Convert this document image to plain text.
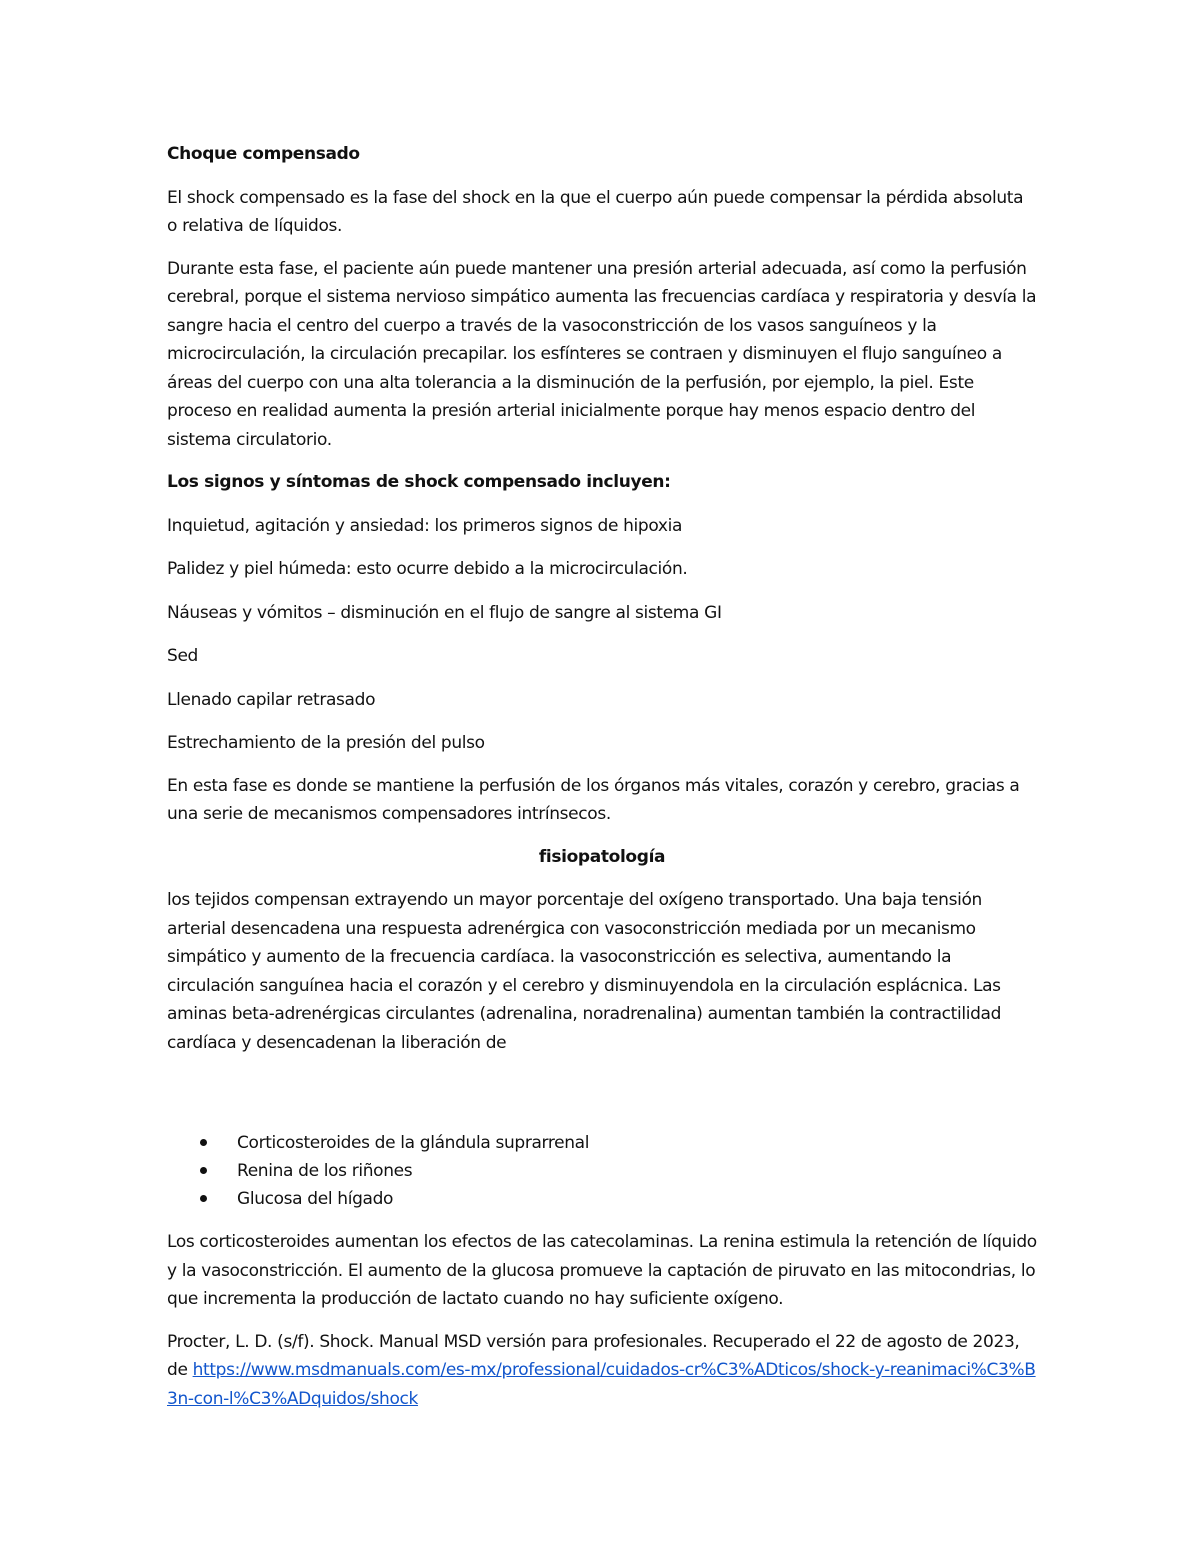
Choque compensado

El shock compensado es la fase del shock en la que el cuerpo aún puede compensar la pérdida absoluta o relativa de líquidos.

Durante esta fase, el paciente aún puede mantener una presión arterial adecuada, así como la perfusión cerebral, porque el sistema nervioso simpático aumenta las frecuencias cardíaca y respiratoria y desvía la sangre hacia el centro del cuerpo a través de la vasoconstricción de los vasos sanguíneos y la microcirculación, la circulación precapilar. los esfínteres se contraen y disminuyen el flujo sanguíneo a áreas del cuerpo con una alta tolerancia a la disminución de la perfusión, por ejemplo, la piel. Este proceso en realidad aumenta la presión arterial inicialmente porque hay menos espacio dentro del sistema circulatorio.

Los signos y síntomas de shock compensado incluyen:

Inquietud, agitación y ansiedad: los primeros signos de hipoxia

Palidez y piel húmeda: esto ocurre debido a la microcirculación.

Náuseas y vómitos – disminución en el flujo de sangre al sistema GI

Sed

Llenado capilar retrasado

Estrechamiento de la presión del pulso

En esta fase es donde se mantiene la perfusión de los órganos más vitales, corazón y cerebro, gracias a una serie de mecanismos compensadores intrínsecos.

fisiopatología

los tejidos compensan extrayendo un mayor porcentaje del oxígeno transportado. Una baja tensión arterial desencadena una respuesta adrenérgica con vasoconstricción mediada por un mecanismo simpático y aumento de la frecuencia cardíaca. la vasoconstricción es selectiva, aumentando la circulación sanguínea hacia el corazón y el cerebro y disminuyendola en la circulación esplácnica. Las aminas beta-adrenérgicas circulantes (adrenalina, noradrenalina) aumentan también la contractilidad cardíaca y desencadenan la liberación de

Corticosteroides de la glándula suprarrenal
Renina de los riñones
Glucosa del hígado

Los corticosteroides aumentan los efectos de las catecolaminas. La renina estimula la retención de líquido y la vasoconstricción. El aumento de la glucosa promueve la captación de piruvato en las mitocondrias, lo que incrementa la producción de lactato cuando no hay suficiente oxígeno.

Procter, L. D. (s/f). Shock. Manual MSD versión para profesionales. Recuperado el 22 de agosto de 2023, de https://www.msdmanuals.com/es-mx/professional/cuidados-cr%C3%ADticos/shock-y-reanimaci%C3%B3n-con-l%C3%ADquidos/shock
